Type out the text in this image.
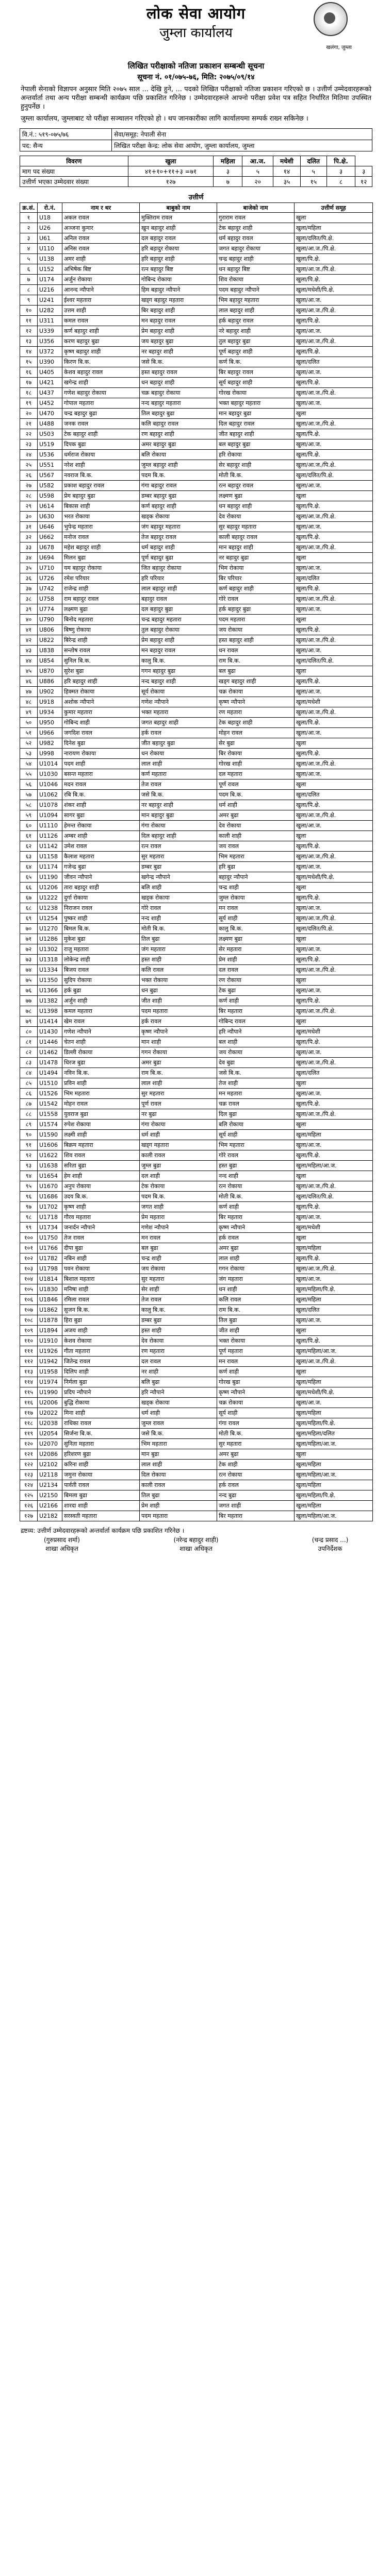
लोक सेवा आयोग
जुम्ला कार्यालय
खलंगा, जुम्ला
लिखित परीक्षाको नतिजा प्रकाशन सम्बन्धी सूचना
सूचना नं. ०१/०७५-७६, मिति: २०७५/०९/१४
नेपाली सेनाको विज्ञापन अनुसार मिति २०७५ साल ... देखि हुने, ... पदको लिखित परीक्षाको नतिजा प्रकाशन गरिएको छ । उत्तीर्ण उम्मेदवारहरूको अन्तर्वार्ता तथा अन्य परीक्षा सम्बन्धी कार्यक्रम पछि प्रकाशित गरिनेछ । उम्मेदवारहरूले आफ्नो परीक्षा प्रवेश पत्र सहित निर्धारित मितिमा उपस्थित हुनुपर्नेछ ।
जुम्ला कार्यालय, जुम्लाबाट यो परीक्षा सञ्चालन गरिएको हो । थप जानकारीका लागि कार्यालयमा सम्पर्क राख्न सकिनेछ ।
वि.नं.: ५१९-०७५/७६	सेवा/समूह: नेपाली सेना
पद: सैन्य	लिखित परीक्षा केन्द्र: लोक सेवा आयोग, जुम्ला कार्यालय, जुम्ला
विवरण	खुला	महिला	आ.ज.	मधेशी	दलित	पि.क्षे.	
माग पद संख्या	४१+१०+११+३ =७१	३	५	१४	५	३	३
उत्तीर्ण भएका उम्मेदवार संख्या	१२७	७	२०	३५	१५	८	१२
उत्तीर्ण
क्र.सं.	रो.नं.	नाम र थर	बाबुको नाम	बाजेको नाम	उत्तीर्ण समूह
१	U18	अकल रावल	मुक्तिराम रावल	गुराराम रावल	खुला
२	U26	अञ्जना कुमार	खुन बहादुर शाही	टेक बहादुर शाही	खुला/महिला
३	U61	अनिल रावल	दल बहादुर रावल	धर्म बहादुर रावल	खुला/दलित/पि.क्षे.
४	U110	अनिस रावल	हरि बहादुर रोकाया	जगत बहादुर रोकाया	खुला/आ.ज./पि.क्षे.
५	U138	अमर शाही	हरि बहादुर शाही	चन्द्र बहादुर शाही	खुला/पि.क्षे.
६	U152	अभिषेक बिष्ट	रत्न बहादुर बिष्ट	धन बहादुर बिष्ट	खुला/आ.ज./पि.क्षे.
७	U174	अर्जुन रोकाया	गोबिन्द रोकाया	शिव रोकाया	खुला/पि.क्षे.
८	U216	आनन्द न्यौपाने	हिम बहादुर न्यौपाने	पदम बहादुर न्यौपाने	खुला/मधेशी/पि.क्षे.
९	U241	ईश्वर महतारा	खड्ग बहादुर महतारा	भिम बहादुर महतारा	खुला/आ.ज.
१०	U282	उत्तम शाही	बिर बहादुर शाही	लाल बहादुर शाही	खुला/आ.ज./पि.क्षे.
११	U311	कमल रावल	मन बहादुर रावल	हर्क बहादुर रावल	खुला/पि.क्षे.
१२	U339	कर्ण बहादुर शाही	प्रेम बहादुर शाही	नरे बहादुर शाही	खुला/आ.ज.
१३	U356	करण बहादुर बुढा	जय बहादुर बुढा	तुल बहादुर बुढा	खुला/आ.ज./पि.क्षे.
१४	U372	कृष्ण बहादुर शाही	नर बहादुर शाही	पूर्ण बहादुर शाही	खुला/पि.क्षे.
१५	U390	किरण बि.क.	जसे बि.क.	कर्ण बि.क.	खुला/दलित
१६	U405	केशव बहादुर रावल	हस्त बहादुर रावल	बिर बहादुर रावल	खुला/आ.ज.
१७	U421	खगेन्द्र शाही	धन बहादुर शाही	सूर्य बहादुर शाही	खुला/पि.क्षे.
१८	U437	गणेश बहादुर रोकाया	चक्र बहादुर रोकाया	गोरख रोकाया	खुला/आ.ज./पि.क्षे.
१९	U452	गोपाल महतारा	नन्द बहादुर महतारा	भक्त बहादुर महतारा	खुला/आ.ज.
२०	U470	चन्द्र बहादुर बुढा	तिल बहादुर बुढा	मान बहादुर बुढा	खुला
२१	U488	जनक रावल	कलि बहादुर रावल	दिल बहादुर रावल	खुला/आ.ज./पि.क्षे.
२२	U503	टेक बहादुर शाही	रण बहादुर शाही	जीत बहादुर शाही	खुला/पि.क्षे.
२३	U519	दिपक बुढा	अमर बहादुर बुढा	बल बहादुर बुढा	खुला/आ.ज.
२४	U536	धर्मराज रोकाया	बलि रोकाया	हरि रोकाया	खुला/पि.क्षे.
२५	U551	नरेश शाही	जुम्ल बहादुर शाही	सेर बहादुर शाही	खुला/आ.ज./पि.क्षे.
२६	U567	नवराज बि.क.	पदम बि.क.	मोती बि.क.	खुला/दलित/पि.क्षे.
२७	U582	प्रकाश बहादुर रावल	गंगा बहादुर रावल	रत्न बहादुर रावल	खुला/आ.ज.
२८	U598	प्रेम बहादुर बुढा	डम्बर बहादुर बुढा	लक्ष्मण बुढा	खुला
२९	U614	बिकास शाही	कर्ण बहादुर शाही	धन बहादुर शाही	खुला/पि.क्षे.
३०	U630	भरत रोकाया	खड्क रोकाया	देव रोकाया	खुला/आ.ज./पि.क्षे.
३१	U646	भुपेन्द्र महतारा	जंग बहादुर महतारा	सुर बहादुर महतारा	खुला/आ.ज.
३२	U662	मनोज रावल	तेज बहादुर रावल	काली बहादुर रावल	खुला/पि.क्षे.
३३	U678	महेश बहादुर शाही	धर्म बहादुर शाही	मान बहादुर शाही	खुला/आ.ज./पि.क्षे.
३४	U694	मिलन बुढा	पूर्ण बहादुर बुढा	नर बहादुर बुढा	खुला
३५	U710	यम बहादुर रोकाया	जित बहादुर रोकाया	भिम रोकाया	खुला/आ.ज.
३६	U726	रमेश परियार	हरि परियार	बिर परियार	खुला/दलित
३७	U742	राजेन्द्र शाही	लाल बहादुर शाही	कर्ण बहादुर शाही	खुला/पि.क्षे.
३८	U758	राम बहादुर रावल	बहादुर रावल	गोरे रावल	खुला/आ.ज./पि.क्षे.
३९	U774	लक्ष्मण बुढा	दल बहादुर बुढा	हर्क बहादुर बुढा	खुला/आ.ज.
४०	U790	बिनोद महतारा	चन्द्र बहादुर महतारा	पदम महतारा	खुला
४१	U806	बिष्णु रोकाया	तुल बहादुर रोकाया	जय रोकाया	खुला/पि.क्षे.
४२	U822	बिरेन्द्र शाही	प्रेम बहादुर शाही	हस्त बहादुर शाही	खुला/आ.ज./पि.क्षे.
४३	U838	सन्तोष रावल	मन बहादुर रावल	धन रावल	खुला/आ.ज.
४४	U854	सुनिल बि.क.	कालु बि.क.	राम बि.क.	खुला/दलित/पि.क्षे.
४५	U870	सुरेश बुढा	गगन बहादुर बुढा	बल बुढा	खुला
४६	U886	हरि बहादुर शाही	नन्द बहादुर शाही	खड्ग बहादुर शाही	खुला/पि.क्षे.
४७	U902	हिक्मत रोकाया	सूर्य रोकाया	चक्र रोकाया	खुला/आ.ज.
४८	U918	अशोक न्यौपाने	गणेश न्यौपाने	कृष्ण न्यौपाने	खुला/मधेशी
४९	U934	कुमार महतारा	भक्त महतारा	रण महतारा	खुला/आ.ज./पि.क्षे.
५०	U950	गोबिन्द शाही	जगत बहादुर शाही	टेक बहादुर शाही	खुला/पि.क्षे.
५१	U966	जगदिश रावल	हर्क रावल	मोहन रावल	खुला/आ.ज.
५२	U982	दिनेश बुढा	जीत बहादुर बुढा	सेर बुढा	खुला
५३	U998	नारायण रोकाया	धन रोकाया	बिर रोकाया	खुला/पि.क्षे.
५४	U1014	पदम शाही	लाल शाही	गोरख शाही	खुला/आ.ज./पि.क्षे.
५५	U1030	बसन्त महतारा	कर्ण महतारा	दल महतारा	खुला/आ.ज.
५६	U1046	मदन रावल	तेज रावल	पूर्ण रावल	खुला
५७	U1062	रबि बि.क.	जसे बि.क.	पदम बि.क.	खुला/दलित
५८	U1078	शंकर शाही	नर बहादुर शाही	धर्म शाही	खुला/पि.क्षे.
५९	U1094	सागर बुढा	मान बहादुर बुढा	अमर बुढा	खुला/आ.ज./पि.क्षे.
६०	U1110	हेमन्त रोकाया	गंगा रोकाया	देव रोकाया	खुला/आ.ज.
६१	U1126	अम्बर शाही	दिल बहादुर शाही	काली शाही	खुला
६२	U1142	उमेश रावल	रत्न रावल	जय रावल	खुला/पि.क्षे.
६३	U1158	कैलाश महतारा	सुर महतारा	भिम महतारा	खुला/आ.ज./पि.क्षे.
६४	U1174	गजेन्द्र बुढा	डम्बर बुढा	हरि बुढा	खुला/आ.ज.
६५	U1190	जीवन न्यौपाने	खगेन्द्र न्यौपाने	बहादुर न्यौपाने	खुला/मधेशी/पि.क्षे.
६६	U1206	तारा बहादुर शाही	बलि शाही	चन्द्र शाही	खुला
६७	U1222	दुर्गा रोकाया	खड्क रोकाया	जुम्ल रोकाया	खुला/पि.क्षे.
६८	U1238	निराजन रावल	गोरे रावल	मन रावल	खुला/आ.ज.
६९	U1254	पुष्कर शाही	नन्द शाही	सूर्य शाही	खुला/आ.ज./पि.क्षे.
७०	U1270	बिमल बि.क.	मोती बि.क.	कालु बि.क.	खुला/दलित/पि.क्षे.
७१	U1286	मुकेश बुढा	तिल बुढा	लक्ष्मण बुढा	खुला
७२	U1302	राजु महतारा	जंग महतारा	सेर महतारा	खुला/आ.ज.
७३	U1318	लोकेन्द्र शाही	हस्त शाही	प्रेम शाही	खुला/पि.क्षे.
७४	U1334	बिजय रावल	कलि रावल	दल रावल	खुला/आ.ज./पि.क्षे.
७५	U1350	सुदिप रोकाया	भक्त रोकाया	रण रोकाया	खुला
७६	U1366	हर्क बुढा	धन बुढा	टेक बुढा	खुला/आ.ज.
७७	U1382	अर्जुन शाही	जीत शाही	कर्ण शाही	खुला/पि.क्षे.
७८	U1398	कमल महतारा	पदम महतारा	बिर महतारा	खुला/आ.ज./पि.क्षे.
७९	U1414	खेम रावल	हर्क रावल	गोबिन्द रावल	खुला
८०	U1430	गणेश न्यौपाने	कृष्ण न्यौपाने	हरि न्यौपाने	खुला/मधेशी
८१	U1446	चेतन शाही	मान शाही	बल शाही	खुला/पि.क्षे.
८२	U1462	डिल्ली रोकाया	गगन रोकाया	जय रोकाया	खुला/आ.ज.
८३	U1478	धिरज बुढा	अमर बुढा	देव बुढा	खुला/आ.ज./पि.क्षे.
८४	U1494	नविन बि.क.	राम बि.क.	जसे बि.क.	खुला/दलित
८५	U1510	प्रविन शाही	लाल शाही	तेज शाही	खुला
८६	U1526	भिम महतारा	सुर महतारा	मन महतारा	खुला/आ.ज.
८७	U1542	मोहन रावल	पूर्ण रावल	चक्र रावल	खुला/पि.क्षे.
८८	U1558	युवराज बुढा	नर बुढा	दिल बुढा	खुला/आ.ज./पि.क्षे.
८९	U1574	रुपेश रोकाया	गंगा रोकाया	बलि रोकाया	खुला
९०	U1590	लक्ष्मी शाही	धर्म शाही	सूर्य शाही	खुला/महिला
९१	U1606	बिक्रम महतारा	खड्ग महतारा	भिम महतारा	खुला/आ.ज.
९२	U1622	शिव रावल	काली रावल	गोरे रावल	खुला/पि.क्षे.
९३	U1638	सरिता बुढा	जुम्ल बुढा	हस्त बुढा	खुला/महिला/आ.ज.
९४	U1654	हेम शाही	दल शाही	नन्द शाही	खुला
९५	U1670	अनुप रोकाया	टेक रोकाया	रत्न रोकाया	खुला/आ.ज./पि.क्षे.
९६	U1686	उदय बि.क.	पदम बि.क.	मोती बि.क.	खुला/दलित/पि.क्षे.
९७	U1702	कृष्ण शाही	जगत शाही	कर्ण शाही	खुला/पि.क्षे.
९८	U1718	गौरव महतारा	प्रेम महतारा	बिर महतारा	खुला/आ.ज.
९९	U1734	जनार्दन न्यौपाने	गणेश न्यौपाने	कृष्ण न्यौपाने	खुला/मधेशी
१००	U1750	तेज रावल	मन रावल	हर्क रावल	खुला
१०१	U1766	दीपा बुढा	बल बुढा	अमर बुढा	खुला/महिला
१०२	U1782	नबिन शाही	चन्द्र शाही	लाल शाही	खुला/पि.क्षे.
१०३	U1798	पवन रोकाया	जय रोकाया	गगन रोकाया	खुला/आ.ज./पि.क्षे.
१०४	U1814	बिशाल महतारा	सुर महतारा	जंग महतारा	खुला/आ.ज.
१०५	U1830	मनिषा शाही	सेर शाही	धन शाही	खुला/महिला/पि.क्षे.
१०६	U1846	रमिला रावल	तेज रावल	कलि रावल	खुला/महिला
१०७	U1862	सुजन बि.क.	कालु बि.क.	राम बि.क.	खुला/दलित
१०८	U1878	हिरा बुढा	डम्बर बुढा	तिल बुढा	खुला/आ.ज.
१०९	U1894	अजय शाही	हस्त शाही	जीत शाही	खुला
११०	U1910	केशव रोकाया	देव रोकाया	भक्त रोकाया	खुला/पि.क्षे.
१११	U1926	गीता महतारा	रण महतारा	पूर्ण महतारा	खुला/महिला/आ.ज.
११२	U1942	जितेन्द्र रावल	दल रावल	मन रावल	खुला/आ.ज./पि.क्षे.
११३	U1958	दिलिप शाही	नर शाही	कर्ण शाही	खुला
११४	U1974	निर्मला बुढा	बलि बुढा	गोरख बुढा	खुला/महिला
११५	U1990	प्रदिप न्यौपाने	हरि न्यौपाने	कृष्ण न्यौपाने	खुला/मधेशी/पि.क्षे.
११६	U2006	बुद्धि रोकाया	खड्क रोकाया	चक्र रोकाया	खुला/आ.ज.
११७	U2022	मिना शाही	धर्म शाही	सूर्य शाही	खुला/महिला
११८	U2038	राधिका रावल	जुम्ल रावल	गंगा रावल	खुला/महिला/पि.क्षे.
११९	U2054	सिर्जना बि.क.	जसे बि.क.	मोती बि.क.	खुला/महिला/दलित
१२०	U2070	सुनिता महतारा	भिम महतारा	सुर महतारा	खुला/महिला/आ.ज.
१२१	U2086	हरिशरण बुढा	मान बुढा	अमर बुढा	खुला
१२२	U2102	करिना शाही	लाल शाही	टेक शाही	खुला/महिला
१२३	U2118	जमुना रोकाया	दिल रोकाया	रत्न रोकाया	खुला/महिला/आ.ज.
१२४	U2134	पार्वती रावल	काली रावल	हर्क रावल	खुला/महिला
१२५	U2150	बिमला बुढा	तिल बुढा	नन्द बुढा	खुला/महिला/पि.क्षे.
१२६	U2166	शारदा शाही	प्रेम शाही	जगत शाही	खुला/महिला
१२७	U2182	सरस्वती महतारा	पदम महतारा	बिर महतारा	खुला/महिला/आ.ज.
द्रष्टव्य: उत्तीर्ण उम्मेदवारहरूको अन्तर्वार्ता कार्यक्रम पछि प्रकाशित गरिनेछ ।
(गुरुप्रसाद शर्मा)
शाखा अधिकृत
(नरेन्द्र बहादुर शाही)
शाखा अधिकृत
(चन्द्र प्रसाद ...)
उपनिर्देशक
